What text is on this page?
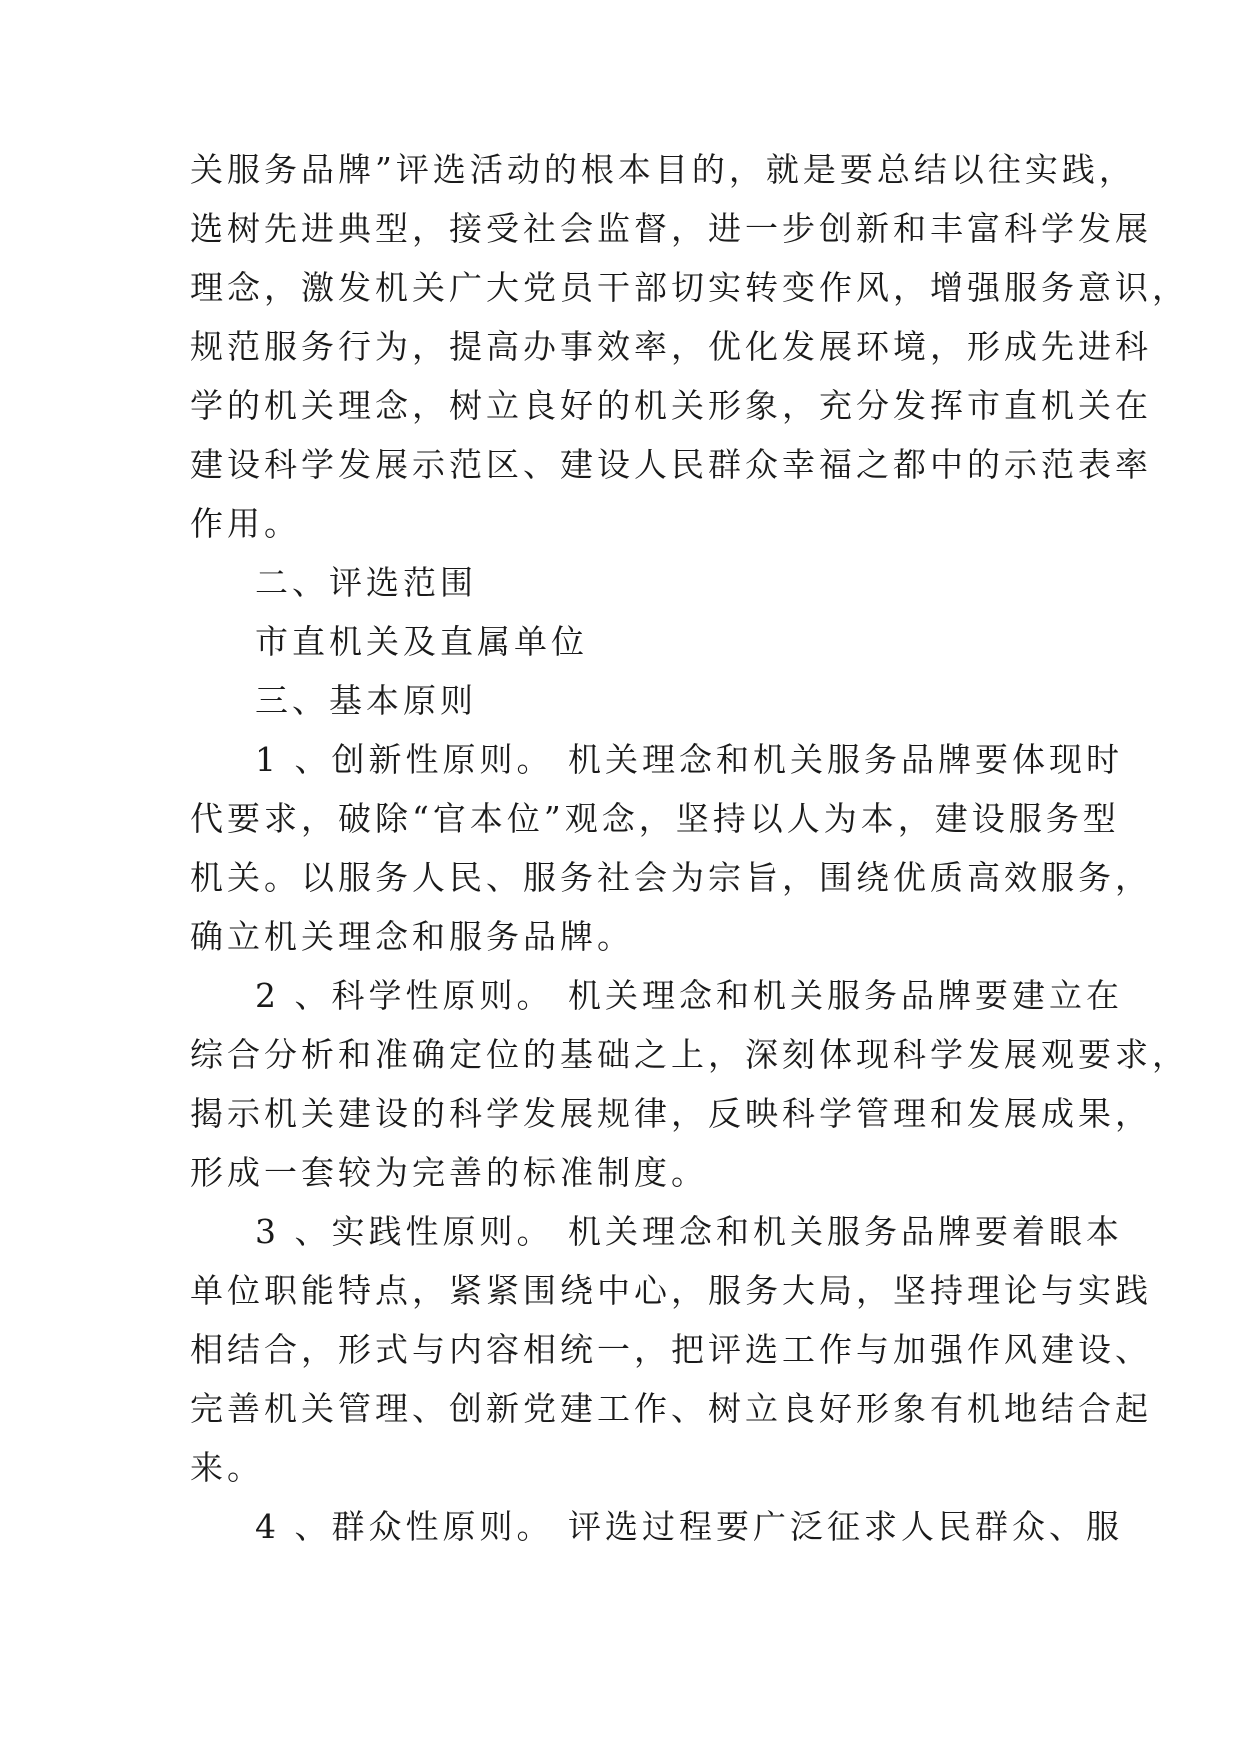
关服务品牌”评选活动的根本目的，就是要总结以往实践，
选树先进典型，接受社会监督，进一步创新和丰富科学发展
理念，激发机关广大党员干部切实转变作风，增强服务意识，
规范服务行为，提高办事效率，优化发展环境，形成先进科
学的机关理念，树立良好的机关形象，充分发挥市直机关在
建设科学发展示范区、建设人民群众幸福之都中的示范表率
作用。
二、评选范围
市直机关及直属单位
三、基本原则
1 、创新性原则。 机关理念和机关服务品牌要体现时
代要求，破除“官本位”观念，坚持以人为本，建设服务型
机关。以服务人民、服务社会为宗旨，围绕优质高效服务，
确立机关理念和服务品牌。
2 、科学性原则。 机关理念和机关服务品牌要建立在
综合分析和准确定位的基础之上，深刻体现科学发展观要求，
揭示机关建设的科学发展规律，反映科学管理和发展成果，
形成一套较为完善的标准制度。
3 、实践性原则。 机关理念和机关服务品牌要着眼本
单位职能特点，紧紧围绕中心，服务大局，坚持理论与实践
相结合，形式与内容相统一，把评选工作与加强作风建设、
完善机关管理、创新党建工作、树立良好形象有机地结合起
来。
4 、群众性原则。 评选过程要广泛征求人民群众、服
